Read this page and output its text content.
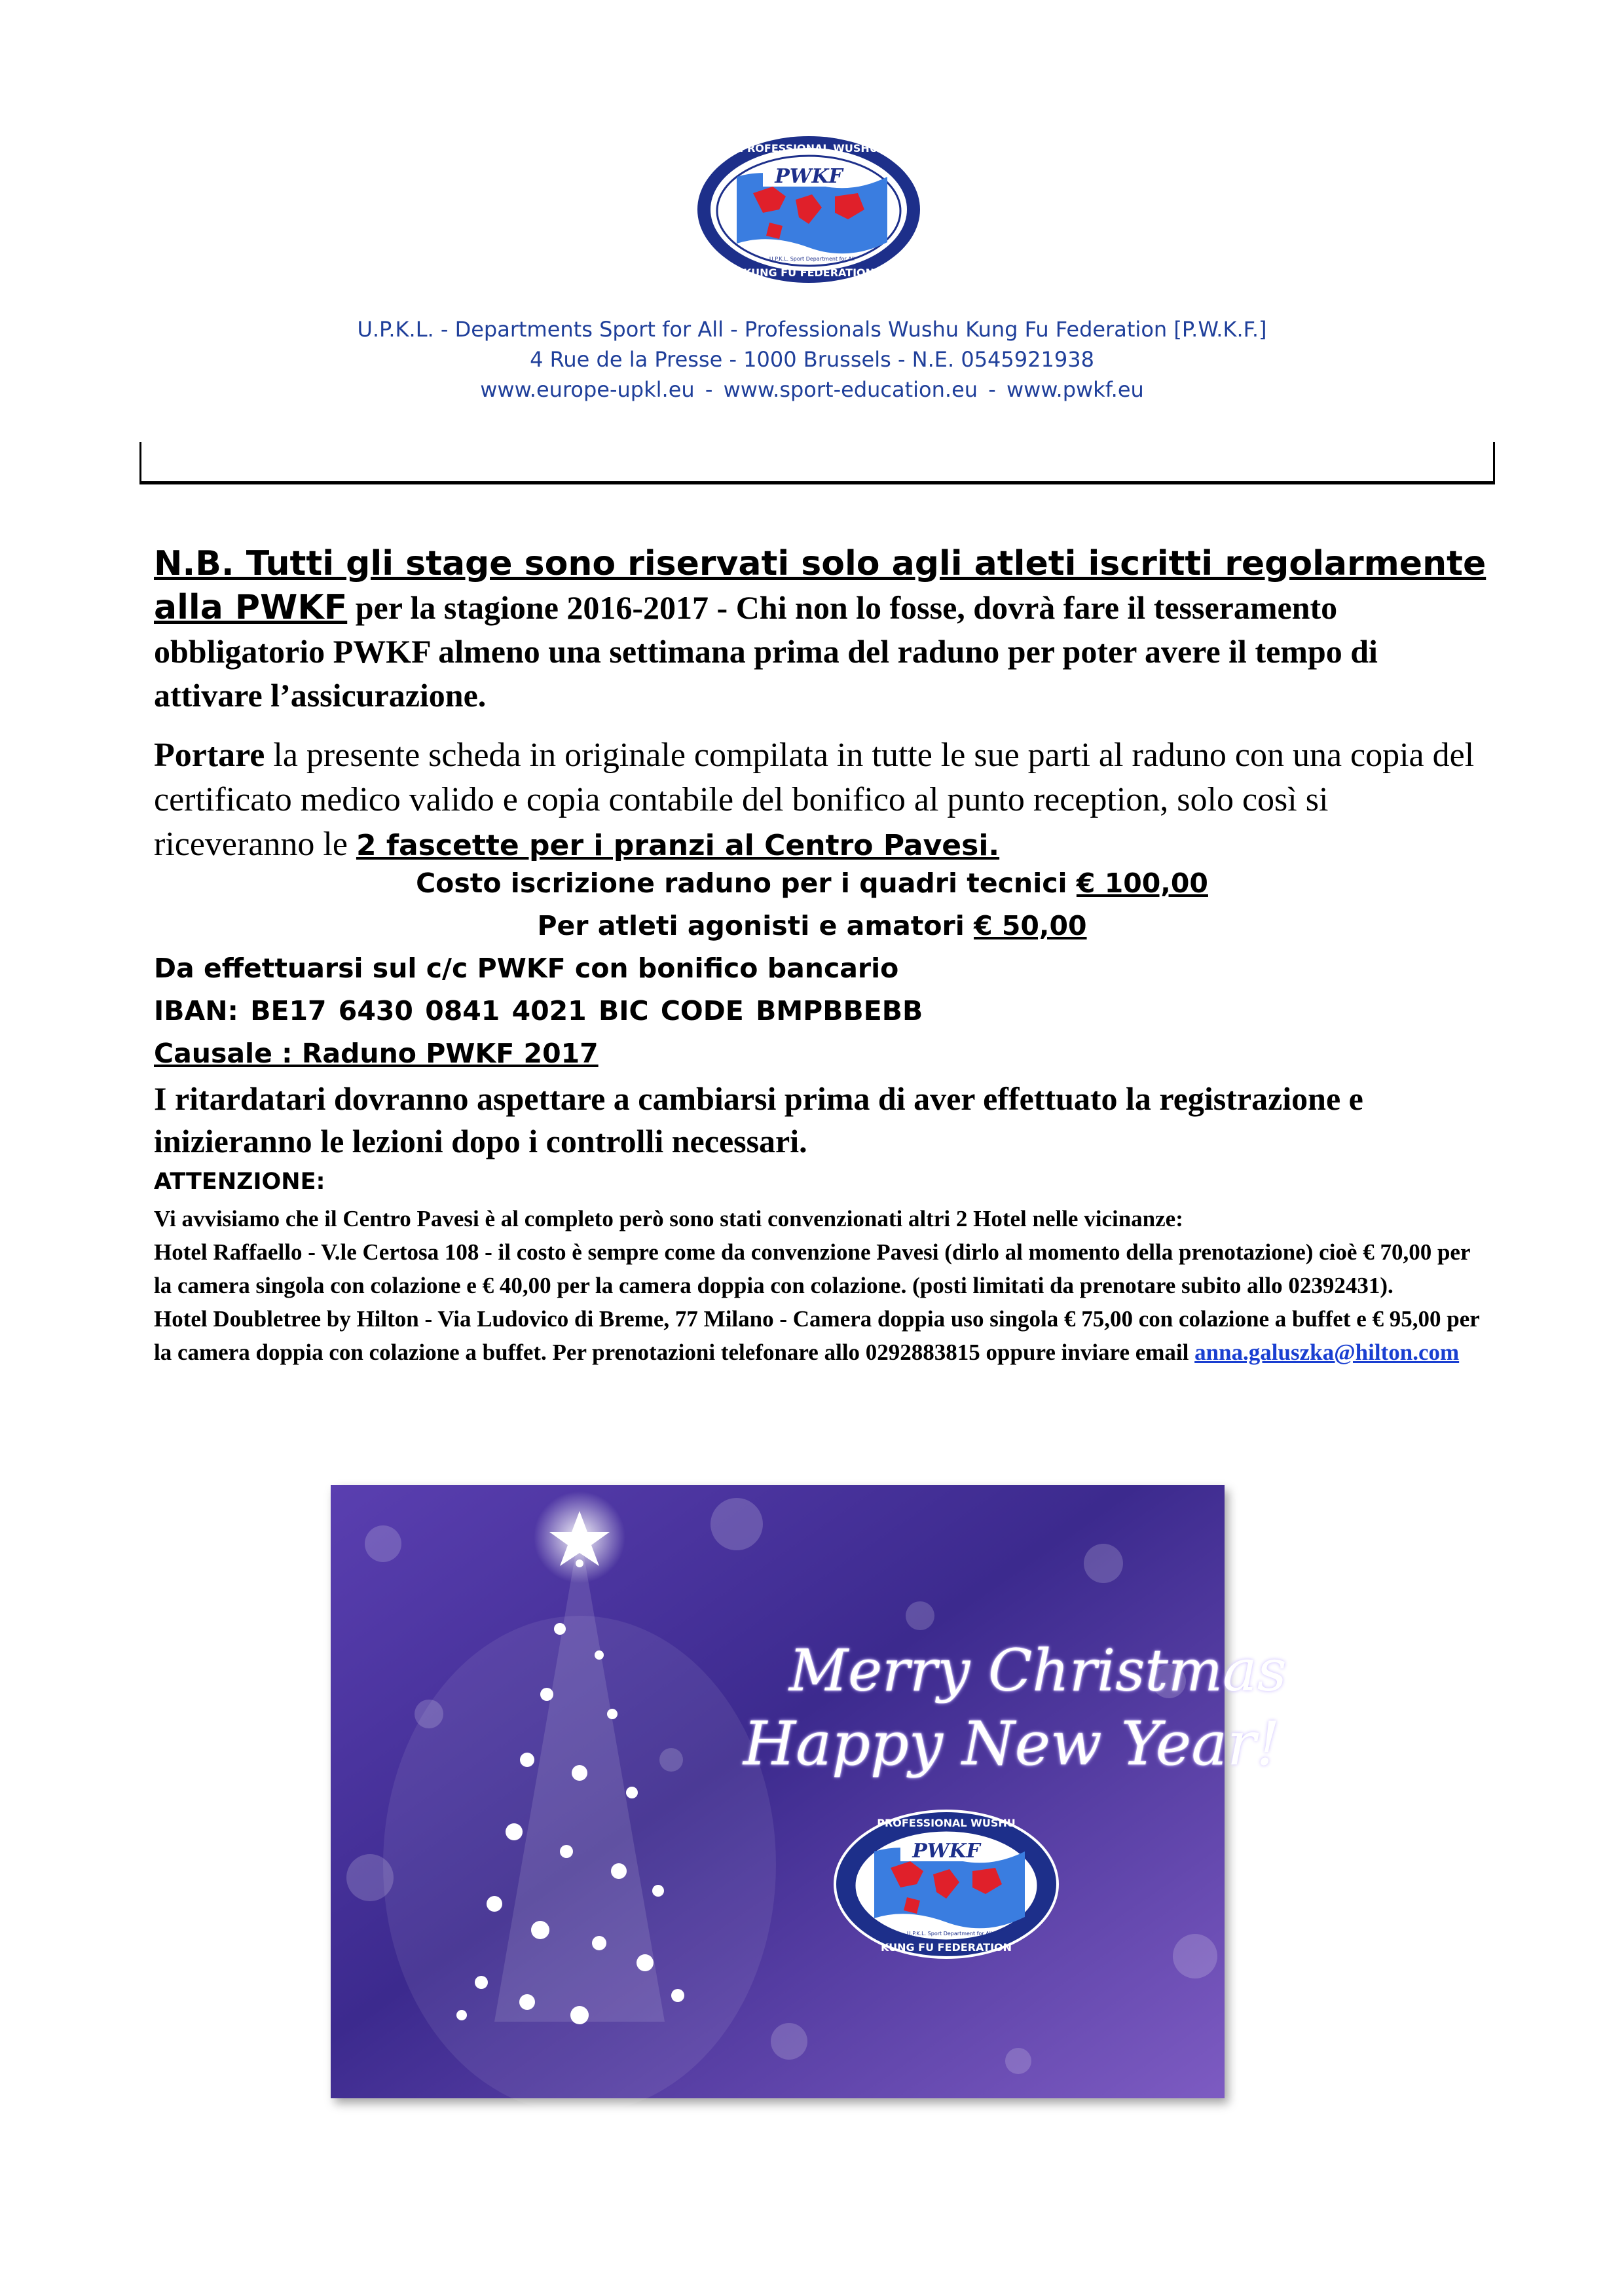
PWKF
PROFESSIONAL WUSHU
KUNG FU FEDERATION
U.P.K.L. Sport Department for All
U.P.K.L. - Departments Sport for All - Professionals Wushu Kung Fu Federation [P.W.K.F.]
4 Rue de la Presse - 1000 Brussels - N.E. 0545921938
www.europe-upkl.eu - www.sport-education.eu - www.pwkf.eu
N.B. Tutti gli stage sono riservati solo agli atleti iscritti regolarmente alla PWKF per la stagione 2016-2017 - Chi non lo fosse, dovrà fare il tesseramento obbligatorio PWKF almeno una settimana prima del raduno per poter avere il tempo di attivare l’assicurazione.
Portare la presente scheda in originale compilata in tutte le sue parti al raduno con una copia del certificato medico valido e copia contabile del bonifico al punto reception, solo così si riceveranno le 2 fascette per i pranzi al Centro Pavesi.
Costo iscrizione raduno per i quadri tecnici € 100,00
Per atleti agonisti e amatori € 50,00
Da effettuarsi sul c/c PWKF con bonifico bancario
IBAN: BE17 6430 0841 4021 BIC CODE BMPBBEBB
Causale : Raduno PWKF 2017
I ritardatari dovranno aspettare a cambiarsi prima di aver effettuato la registrazione e inizieranno le lezioni dopo i controlli necessari.
ATTENZIONE:

Vi avvisiamo che il Centro Pavesi è al completo però sono stati convenzionati altri 2 Hotel nelle vicinanze:

Hotel Raffaello - V.le Certosa 108 - il costo è sempre come da convenzione Pavesi (dirlo al momento della prenotazione) cioè € 70,00 per la camera singola con colazione e € 40,00 per la camera doppia con colazione. (posti limitati da prenotare subito allo 02392431).

Hotel Doubletree by Hilton - Via Ludovico di Breme, 77 Milano - Camera doppia uso singola € 75,00 con colazione a buffet e € 95,00 per la camera doppia con colazione a buffet. Per prenotazioni telefonare allo 0292883815 oppure inviare email anna.galuszka@hilton.com

Merry Christmas
Happy New Year!
PWKF
PROFESSIONAL WUSHU
KUNG FU FEDERATION
U.P.K.L. Sport Department for All
